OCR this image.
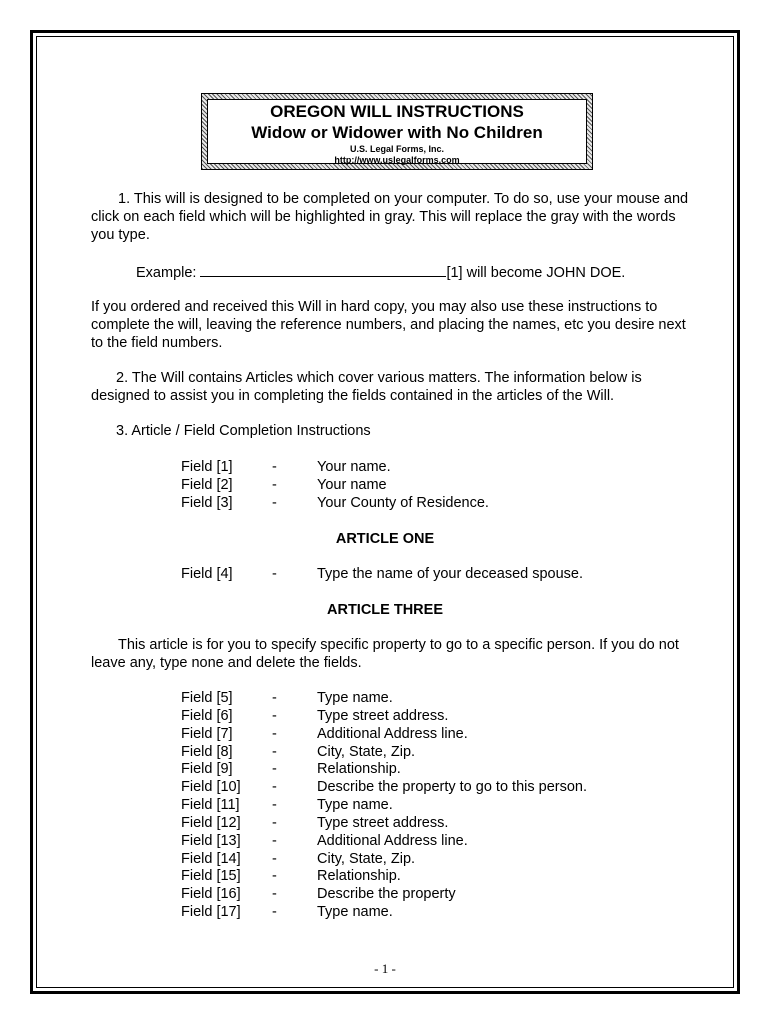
OREGON WILL INSTRUCTIONS
Widow or Widower with No Children
U.S. Legal Forms, Inc.
http://www.uslegalforms.com
1. This will is designed to be completed on your computer. To do so, use your mouse and click on each field which will be highlighted in gray. This will replace the gray with the words you type.
Example:	[1] will become JOHN DOE.
If you ordered and received this Will in hard copy, you may also use these instructions to complete the will, leaving the reference numbers, and placing the names, etc you desire next to the field numbers.
2. The Will contains Articles which cover various matters. The information below is designed to assist you in completing the fields contained in the articles of the Will.
3. Article / Field Completion Instructions
Field [1]	-	Your name.
Field [2]	-	Your name
Field [3]	-	Your County of Residence.
ARTICLE ONE
Field [4]	-	Type the name of your deceased spouse.
ARTICLE THREE
This article is for you to specify specific property to go to a specific person. If you do not leave any, type none and delete the fields.
Field [5]	-	Type name.
Field [6]	-	Type street address.
Field [7]	-	Additional Address line.
Field [8]	-	City, State, Zip.
Field [9]	-	Relationship.
Field [10] -	Describe the property to go to this person.
Field [11] -	Type name.
Field [12] -	Type street address.
Field [13] -	Additional Address line.
Field [14] -	City, State, Zip.
Field [15] -	Relationship.
Field [16] -	Describe the property
Field [17] -	Type name.
- 1 -
